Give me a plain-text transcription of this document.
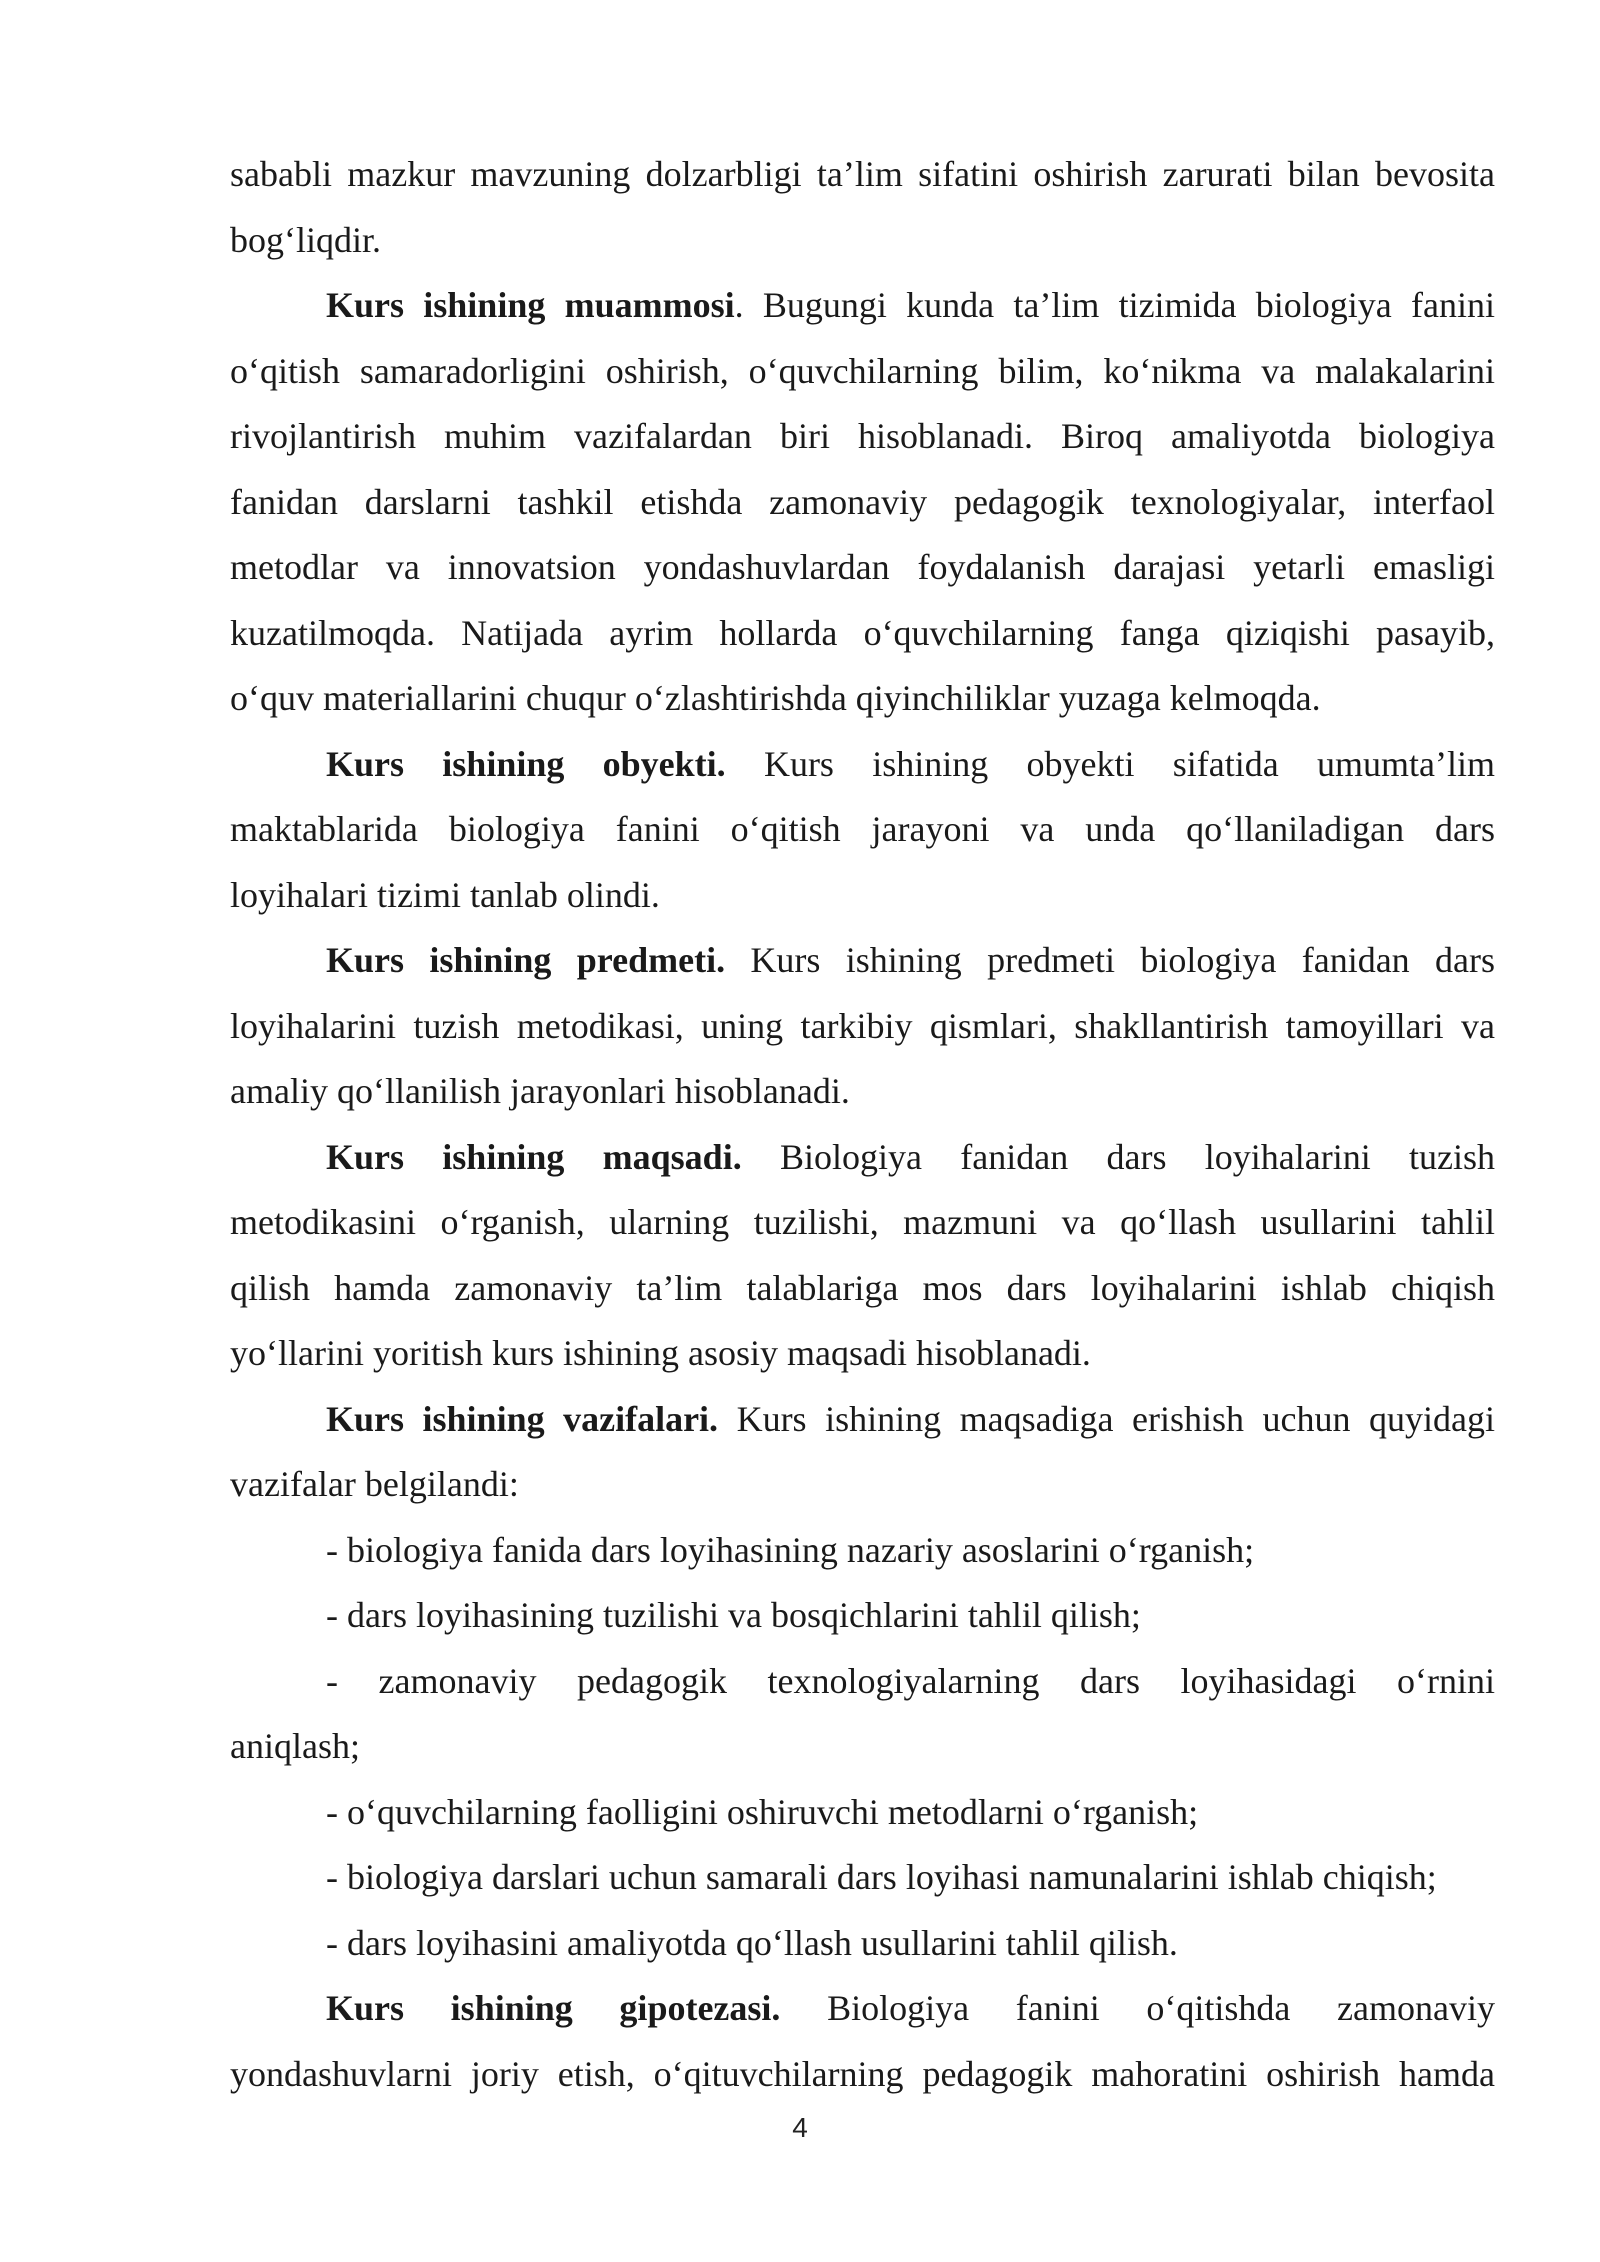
sababli mazkur mavzuning dolzarbligi ta’lim sifatini oshirish zarurati bilan bevosita
bog‘liqdir.
Kurs ishining muammosi. Bugungi kunda ta’lim tizimida biologiya fanini
o‘qitish samaradorligini oshirish, o‘quvchilarning bilim, ko‘nikma va malakalarini
rivojlantirish muhim vazifalardan biri hisoblanadi. Biroq amaliyotda biologiya
fanidan darslarni tashkil etishda zamonaviy pedagogik texnologiyalar, interfaol
metodlar va innovatsion yondashuvlardan foydalanish darajasi yetarli emasligi
kuzatilmoqda. Natijada ayrim hollarda o‘quvchilarning fanga qiziqishi pasayib,
o‘quv materiallarini chuqur o‘zlashtirishda qiyinchiliklar yuzaga kelmoqda.
Kurs ishining obyekti. Kurs ishining obyekti sifatida umumta’lim
maktablarida biologiya fanini o‘qitish jarayoni va unda qo‘llaniladigan dars
loyihalari tizimi tanlab olindi.
Kurs ishining predmeti. Kurs ishining predmeti biologiya fanidan dars
loyihalarini tuzish metodikasi, uning tarkibiy qismlari, shakllantirish tamoyillari va
amaliy qo‘llanilish jarayonlari hisoblanadi.
Kurs ishining maqsadi. Biologiya fanidan dars loyihalarini tuzish
metodikasini o‘rganish, ularning tuzilishi, mazmuni va qo‘llash usullarini tahlil
qilish hamda zamonaviy ta’lim talablariga mos dars loyihalarini ishlab chiqish
yo‘llarini yoritish kurs ishining asosiy maqsadi hisoblanadi.
Kurs ishining vazifalari. Kurs ishining maqsadiga erishish uchun quyidagi
vazifalar belgilandi:
- biologiya fanida dars loyihasining nazariy asoslarini o‘rganish;
- dars loyihasining tuzilishi va bosqichlarini tahlil qilish;
- zamonaviy pedagogik texnologiyalarning dars loyihasidagi o‘rnini
aniqlash;
- o‘quvchilarning faolligini oshiruvchi metodlarni o‘rganish;
- biologiya darslari uchun samarali dars loyihasi namunalarini ishlab chiqish;
- dars loyihasini amaliyotda qo‘llash usullarini tahlil qilish.
Kurs ishining gipotezasi. Biologiya fanini o‘qitishda zamonaviy
yondashuvlarni joriy etish, o‘qituvchilarning pedagogik mahoratini oshirish hamda
4
